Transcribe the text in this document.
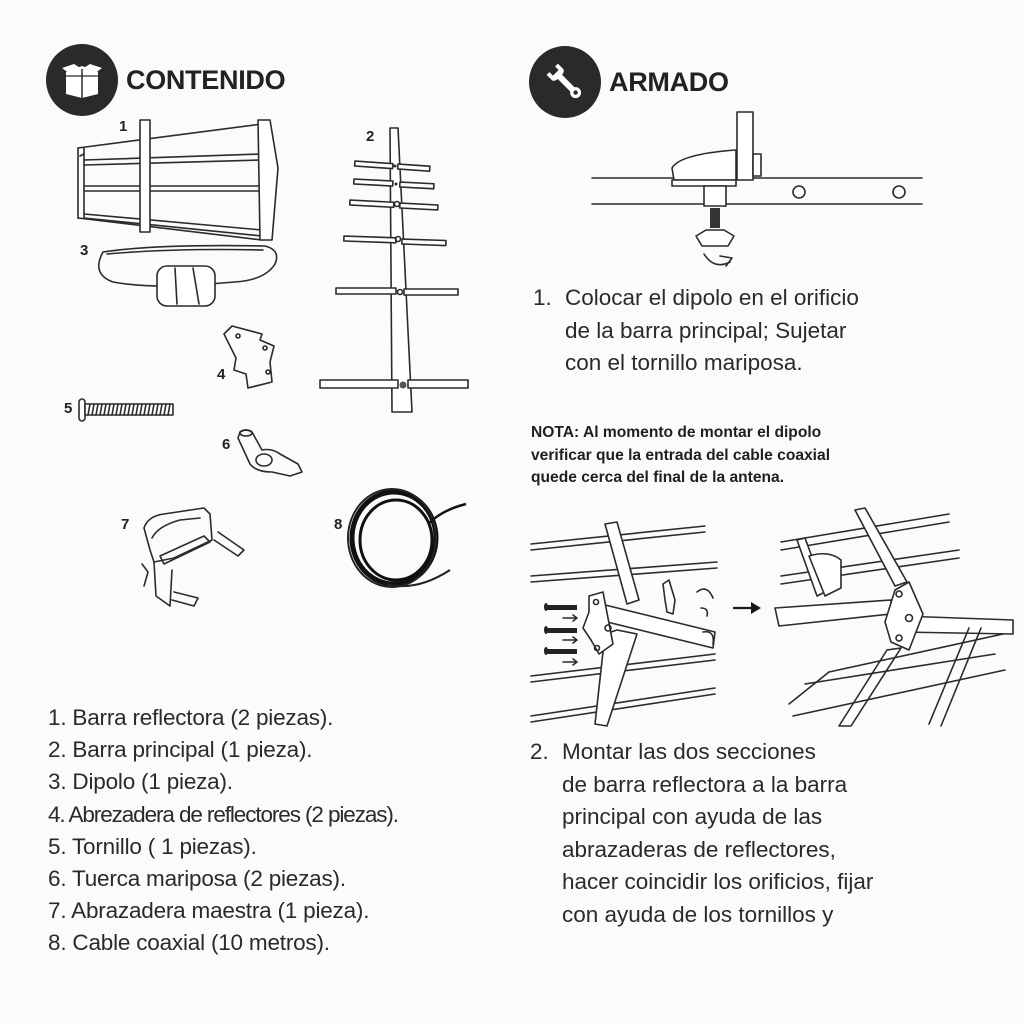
CONTENIDO	ARMADO
1
3
2
4
5
6
7	8
1. Colocar el dipolo en el orificio
de la barra principal; Sujetar
con el tornillo mariposa.
NOTA: Al momento de montar el dipolo
verificar que la entrada del cable coaxial
quede cerca del final de la antena.
1. Barra reflectora (2 piezas).
2. Barra principal (1 pieza).
3. Dipolo (1 pieza).
4. Abrezadera de reflectores (2 piezas).
5. Tornillo ( 1 piezas).
6. Tuerca mariposa (2 piezas).
7. Abrazadera maestra (1 pieza).
8. Cable coaxial (10 metros).
2. Montar las dos secciones
de barra reflectora a la barra
principal con ayuda de las
abrazaderas de reflectores,
hacer coincidir los orificios, fijar
con ayuda de los tornillos y
